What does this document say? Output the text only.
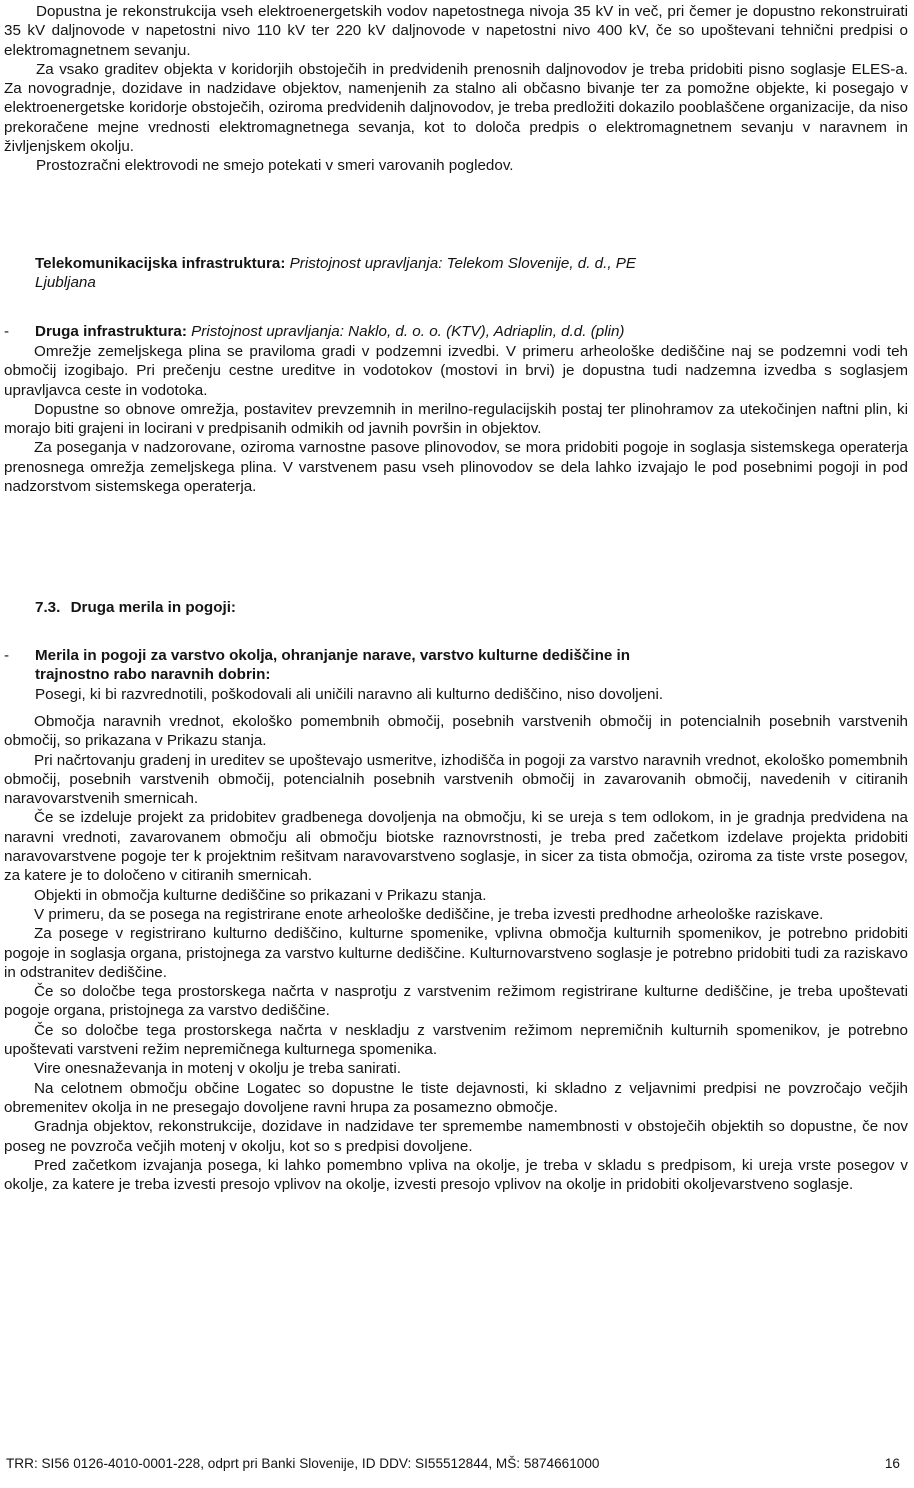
Dopustna je rekonstrukcija vseh elektroenergetskih vodov napetostnega nivoja 35 kV in več, pri čemer je dopustno rekonstruirati 35 kV daljnovode v napetostni nivo 110 kV ter 220 kV daljnovode v napetostni nivo 400 kV, če so upoštevani tehnični predpisi o elektromagnetnem sevanju.

Za vsako graditev objekta v koridorjih obstoječih in predvidenih prenosnih daljnovodov je treba pridobiti pisno soglasje ELES-a. Za novogradnje, dozidave in nadzidave objektov, namenjenih za stalno ali občasno bivanje ter za pomožne objekte, ki posegajo v elektroenergetske koridorje obstoječih, oziroma predvidenih daljnovodov, je treba predložiti dokazilo pooblaščene organizacije, da niso prekoračene mejne vrednosti elektromagnetnega sevanja, kot to določa predpis o elektromagnetnem sevanju v naravnem in življenjskem okolju.

Prostozračni elektrovodi ne smejo potekati v smeri varovanih pogledov.

Telekomunikacijska infrastruktura: Pristojnost upravljanja: Telekom Slovenije, d. d., PE
Ljubljana

-	Druga infrastruktura: Pristojnost upravljanja: Naklo, d. o. o. (KTV), Adriaplin, d.d. (plin)

Omrežje zemeljskega plina se praviloma gradi v podzemni izvedbi. V primeru arheološke dediščine naj se podzemni vodi teh območij izogibajo. Pri prečenju cestne ureditve in vodotokov (mostovi in brvi) je dopustna tudi nadzemna izvedba s soglasjem upravljavca ceste in vodotoka.

Dopustne so obnove omrežja, postavitev prevzemnih in merilno-regulacijskih postaj ter plinohramov za utekočinjen naftni plin, ki morajo biti grajeni in locirani v predpisanih odmikih od javnih površin in objektov.

Za poseganja v nadzorovane, oziroma varnostne pasove plinovodov, se mora pridobiti pogoje in soglasja sistemskega operaterja prenosnega omrežja zemeljskega plina. V varstvenem pasu vseh plinovodov se dela lahko izvajajo le pod posebnimi pogoji in pod nadzorstvom sistemskega operaterja.

7.3. Druga merila in pogoji:
-	Merila in pogoji za varstvo okolja, ohranjanje narave, varstvo kulturne dediščine in
trajnostno rabo naravnih dobrin:

Posegi, ki bi razvrednotili, poškodovali ali uničili naravno ali kulturno dediščino, niso dovoljeni.

Območja naravnih vrednot, ekološko pomembnih območij, posebnih varstvenih območij in potencialnih posebnih varstvenih območij, so prikazana v Prikazu stanja.

Pri načrtovanju gradenj in ureditev se upoštevajo usmeritve, izhodišča in pogoji za varstvo naravnih vrednot, ekološko pomembnih območij, posebnih varstvenih območij, potencialnih posebnih varstvenih območij in zavarovanih območij, navedenih v citiranih naravovarstvenih smernicah.

Če se izdeluje projekt za pridobitev gradbenega dovoljenja na območju, ki se ureja s tem odlokom, in je gradnja predvidena na naravni vrednoti, zavarovanem območju ali območju biotske raznovrstnosti, je treba pred začetkom izdelave projekta pridobiti naravovarstvene pogoje ter k projektnim rešitvam naravovarstveno soglasje, in sicer za tista območja, oziroma za tiste vrste posegov, za katere je to določeno v citiranih smernicah.

Objekti in območja kulturne dediščine so prikazani v Prikazu stanja.

V primeru, da se posega na registrirane enote arheološke dediščine, je treba izvesti predhodne arheološke raziskave.

Za posege v registrirano kulturno dediščino, kulturne spomenike, vplivna območja kulturnih spomenikov, je potrebno pridobiti pogoje in soglasja organa, pristojnega za varstvo kulturne dediščine. Kulturnovarstveno soglasje je potrebno pridobiti tudi za raziskavo in odstranitev dediščine.

Če so določbe tega prostorskega načrta v nasprotju z varstvenim režimom registrirane kulturne dediščine, je treba upoštevati pogoje organa, pristojnega za varstvo dediščine.

Če so določbe tega prostorskega načrta v neskladju z varstvenim režimom nepremičnih kulturnih spomenikov, je potrebno upoštevati varstveni režim nepremičnega kulturnega spomenika.

Vire onesnaževanja in motenj v okolju je treba sanirati.

Na celotnem območju občine Logatec so dopustne le tiste dejavnosti, ki skladno z veljavnimi predpisi ne povzročajo večjih obremenitev okolja in ne presegajo dovoljene ravni hrupa za posamezno območje.

Gradnja objektov, rekonstrukcije, dozidave in nadzidave ter spremembe namembnosti v obstoječih objektih so dopustne, če nov poseg ne povzroča večjih motenj v okolju, kot so s predpisi dovoljene.

Pred začetkom izvajanja posega, ki lahko pomembno vpliva na okolje, je treba v skladu s predpisom, ki ureja vrste posegov v okolje, za katere je treba izvesti presojo vplivov na okolje, izvesti presojo vplivov na okolje in pridobiti okoljevarstveno soglasje.

TRR: SI56 0126-4010-0001-228, odprt pri Banki Slovenije, ID DDV: SI55512844, MŠ: 5874661000	16
